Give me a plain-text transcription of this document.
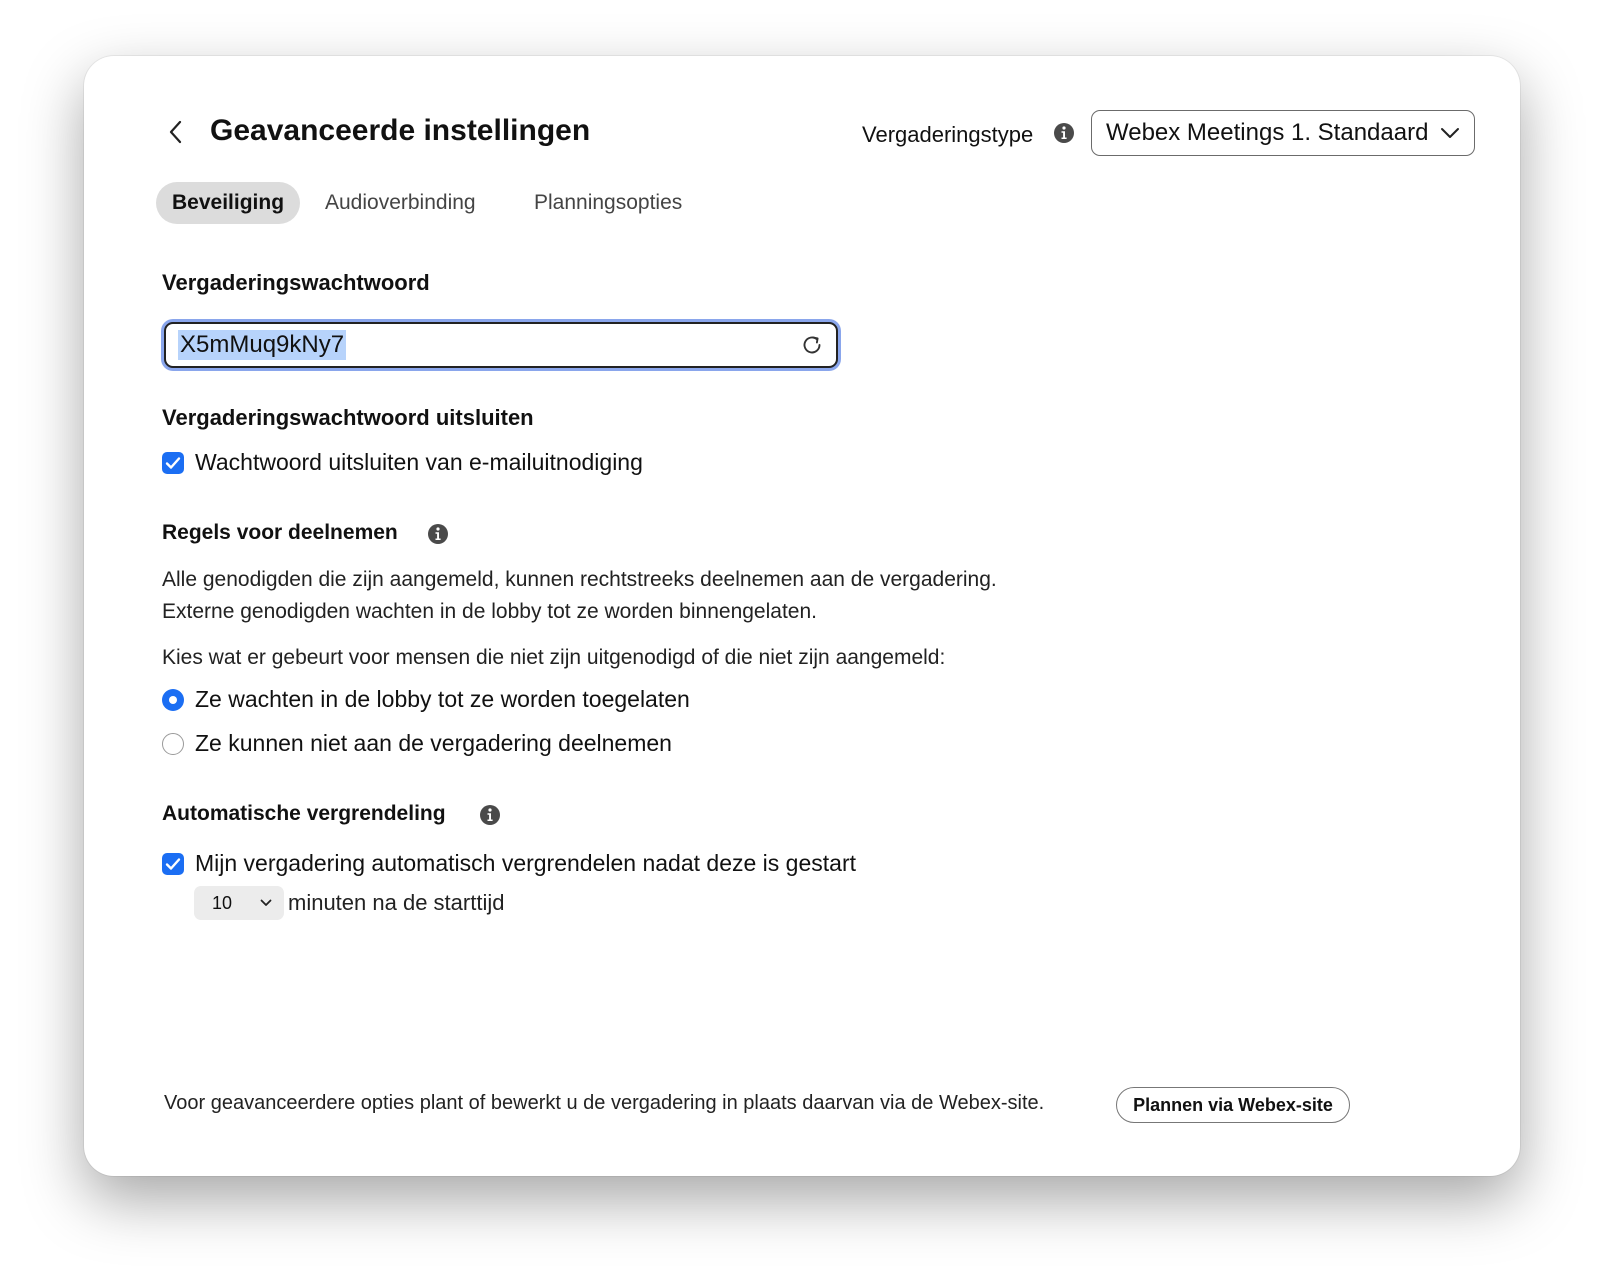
Geavanceerde instellingen	Vergaderingstype	Webex Meetings 1. Standaard
Beveiliging	Audioverbinding	Planningsopties
Vergaderingswachtwoord
X5mMuq9kNy7
Vergaderingswachtwoord uitsluiten
Wachtwoord uitsluiten van e-mailuitnodiging
Regels voor deelnemen
Alle genodigden die zijn aangemeld, kunnen rechtstreeks deelnemen aan de vergadering.
Externe genodigden wachten in de lobby tot ze worden binnengelaten.
Kies wat er gebeurt voor mensen die niet zijn uitgenodigd of die niet zijn aangemeld:
Ze wachten in de lobby tot ze worden toegelaten
Ze kunnen niet aan de vergadering deelnemen
Automatische vergrendeling
Mijn vergadering automatisch vergrendelen nadat deze is gestart
10	minuten na de starttijd
Voor geavanceerdere opties plant of bewerkt u de vergadering in plaats daarvan via de Webex-site.	Plannen via Webex-site
